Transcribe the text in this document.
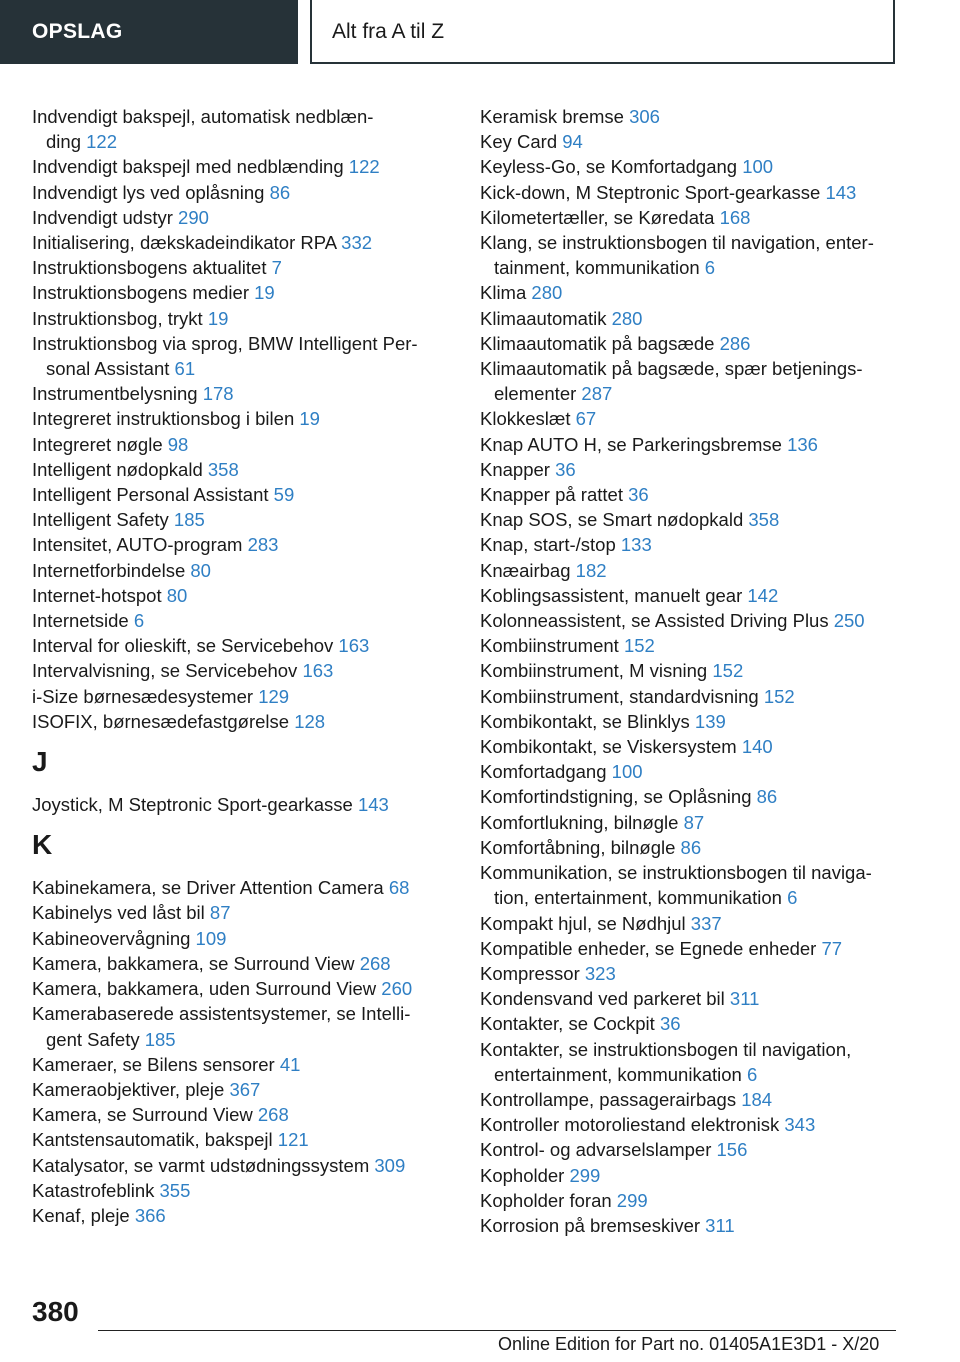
OPSLAG	Alt fra A til Z
Indvendigt bakspejl, automatisk nedblæn-
ding 122
Indvendigt bakspejl med nedblænding 122
Indvendigt lys ved oplåsning 86
Indvendigt udstyr 290
Initialisering, dækskadeindikator RPA 332
Instruktionsbogens aktualitet 7
Instruktionsbogens medier 19
Instruktionsbog, trykt 19
Instruktionsbog via sprog, BMW Intelligent Per-
sonal Assistant 61
Instrumentbelysning 178
Integreret instruktionsbog i bilen 19
Integreret nøgle 98
Intelligent nødopkald 358
Intelligent Personal Assistant 59
Intelligent Safety 185
Intensitet, AUTO-program 283
Internetforbindelse 80
Internet-hotspot 80
Internetside 6
Interval for olieskift, se Servicebehov 163
Intervalvisning, se Servicebehov 163
i-Size børnesædesystemer 129
ISOFIX, børnesædefastgørelse 128
J
Joystick, M Steptronic Sport-gearkasse 143
K
Kabinekamera, se Driver Attention Camera 68
Kabinelys ved låst bil 87
Kabineovervågning 109
Kamera, bakkamera, se Surround View 268
Kamera, bakkamera, uden Surround View 260
Kamerabaserede assistentsystemer, se Intelli-
gent Safety 185
Kameraer, se Bilens sensorer 41
Kameraobjektiver, pleje 367
Kamera, se Surround View 268
Kantstensautomatik, bakspejl 121
Katalysator, se varmt udstødningssystem 309
Katastrofeblink 355
Kenaf, pleje 366
Keramisk bremse 306
Key Card 94
Keyless-Go, se Komfortadgang 100
Kick-down, M Steptronic Sport-gearkasse 143
Kilometertæller, se Køredata 168
Klang, se instruktionsbogen til navigation, enter-
tainment, kommunikation 6
Klima 280
Klimaautomatik 280
Klimaautomatik på bagsæde 286
Klimaautomatik på bagsæde, spær betjenings-
elementer 287
Klokkeslæt 67
Knap AUTO H, se Parkeringsbremse 136
Knapper 36
Knapper på rattet 36
Knap SOS, se Smart nødopkald 358
Knap, start-/stop 133
Knæairbag 182
Koblingsassistent, manuelt gear 142
Kolonneassistent, se Assisted Driving Plus 250
Kombiinstrument 152
Kombiinstrument, M visning 152
Kombiinstrument, standardvisning 152
Kombikontakt, se Blinklys 139
Kombikontakt, se Viskersystem 140
Komfortadgang 100
Komfortindstigning, se Oplåsning 86
Komfortlukning, bilnøgle 87
Komfortåbning, bilnøgle 86
Kommunikation, se instruktionsbogen til naviga-
tion, entertainment, kommunikation 6
Kompakt hjul, se Nødhjul 337
Kompatible enheder, se Egnede enheder 77
Kompressor 323
Kondensvand ved parkeret bil 311
Kontakter, se Cockpit 36
Kontakter, se instruktionsbogen til navigation,
entertainment, kommunikation 6
Kontrollampe, passagerairbags 184
Kontroller motoroliestand elektronisk 343
Kontrol- og advarselslamper 156
Kopholder 299
Kopholder foran 299
Korrosion på bremseskiver 311
380
Online Edition for Part no. 01405A1E3D1 - X/20
